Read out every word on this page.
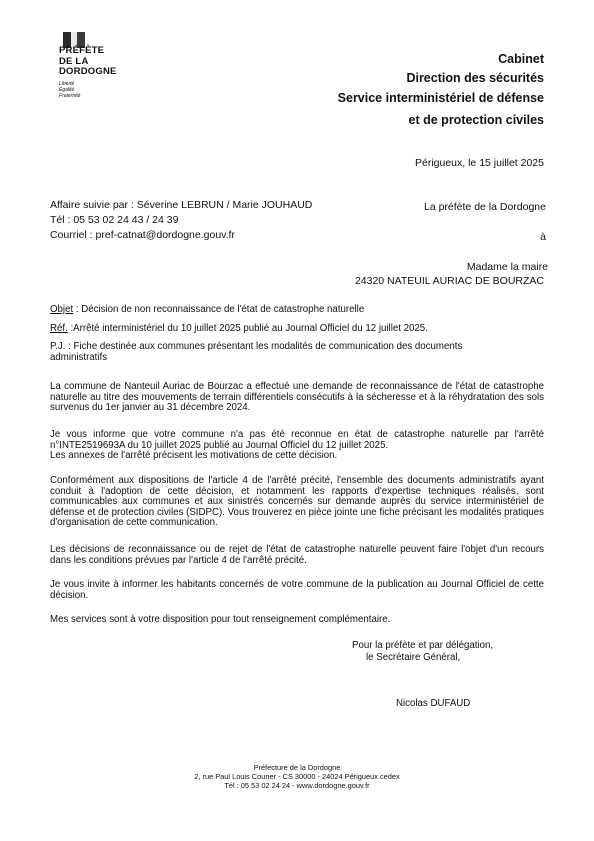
PRÉFÈTE
DE LA
DORDOGNE
Liberté
Égalité
Fraternité
Cabinet
Direction des sécurités
Service interministériel de défense
et de protection civiles
Périgueux, le 15 juillet 2025
Affaire suivie par : Séverine LEBRUN / Marie JOUHAUD
Tél : 05 53 02 24 43 / 24 39
Courriel : pref-catnat@dordogne.gouv.fr
La préfète de la Dordogne
à
Madame la maire
24320 NATEUIL AURIAC DE BOURZAC
Objet : Décision de non reconnaissance de l'état de catastrophe naturelle
Réf. :Arrêté interministériel du 10 juillet 2025 publié au Journal Officiel du 12 juillet 2025.
P.J. : Fiche destinée aux communes présentant les modalités de communication des documents
administratifs
La commune de Nanteuil Auriac de Bourzac a effectué une demande de reconnaissance de l'état de catastrophe naturelle au titre des mouvements de terrain différentiels consécutifs à la sécheresse et à la réhydratation des sols survenus du 1er janvier au 31 décembre 2024.
Je vous informe que votre commune n'a pas été reconnue en état de catastrophe naturelle par l'arrêté n°INTE2519693A du 10 juillet 2025 publié au Journal Officiel du 12 juillet 2025.
Les annexes de l'arrêté précisent les motivations de cette décision.
Conformément aux dispositions de l'article 4 de l'arrêté précité, l'ensemble des documents administratifs ayant conduit à l'adoption de cette décision, et notamment les rapports d'expertise techniques réalisés, sont communicables aux communes et aux sinistrés concernés sur demande auprès du service interministériel de défense et de protection civiles (SIDPC). Vous trouverez en pièce jointe une fiche précisant les modalités pratiques d'organisation de cette communication.
Les décisions de reconnaissance ou de rejet de l'état de catastrophe naturelle peuvent faire l'objet d'un recours dans les conditions prévues par l'article 4 de l'arrêté précité.
Je vous invite à informer les habitants concernés de votre commune de la publication au Journal Officiel de cette décision.
Mes services sont à votre disposition pour tout renseignement complémentaire.
Pour la préfète et par délégation,
le Secrétaire Général,
Nicolas DUFAUD
Préfecture de la Dordogne
2, rue Paul Louis Courier - CS 30000 - 24024 Périgueux cedex
Tél : 05 53 02 24 24 - www.dordogne.gouv.fr
